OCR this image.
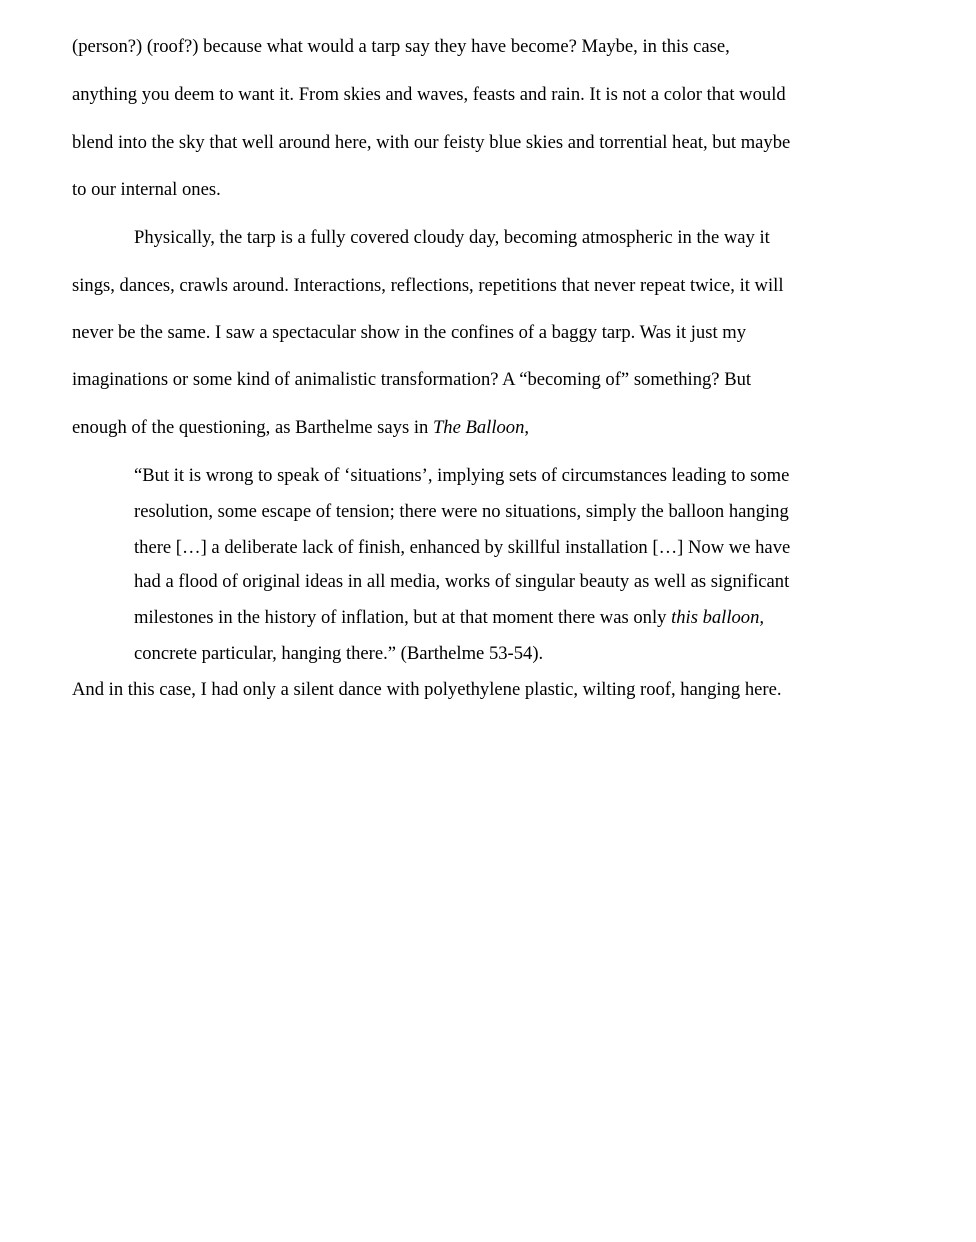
(person?) (roof?) because what would a tarp say they have become? Maybe, in this case,
anything you deem to want it. From skies and waves, feasts and rain. It is not a color that would
blend into the sky that well around here, with our feisty blue skies and torrential heat, but maybe
to our internal ones.
Physically, the tarp is a fully covered cloudy day, becoming atmospheric in the way it
sings, dances, crawls around. Interactions, reflections, repetitions that never repeat twice, it will
never be the same. I saw a spectacular show in the confines of a baggy tarp. Was it just my
imaginations or some kind of animalistic transformation? A “becoming of” something? But
enough of the questioning, as Barthelme says in The Balloon,
“But it is wrong to speak of ‘situations’, implying sets of circumstances leading to some
resolution, some escape of tension; there were no situations, simply the balloon hanging
there […] a deliberate lack of finish, enhanced by skillful installation […] Now we have
had a flood of original ideas in all media, works of singular beauty as well as significant
milestones in the history of inflation, but at that moment there was only this balloon,
concrete particular, hanging there.” (Barthelme 53-54).
And in this case, I had only a silent dance with polyethylene plastic, wilting roof, hanging here.
